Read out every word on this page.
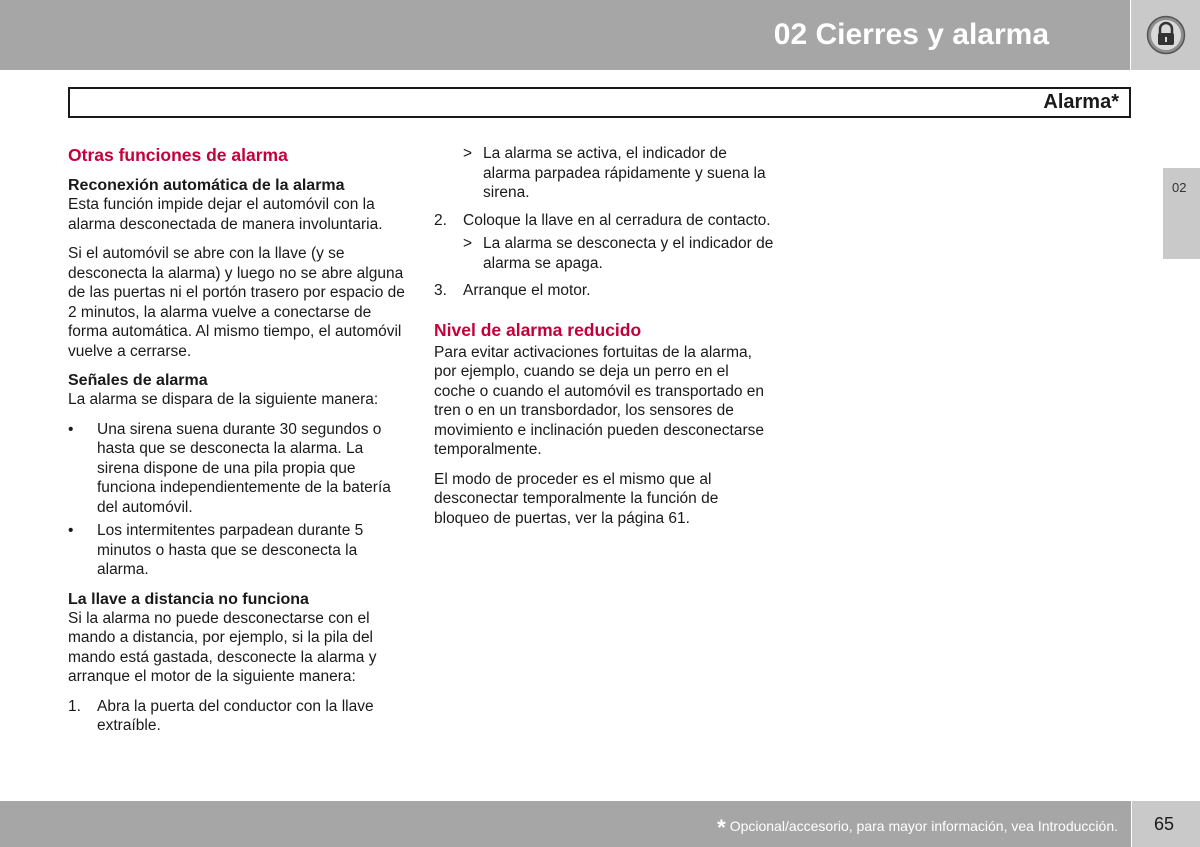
02 Cierres y alarma
Alarma*
02
Otras funciones de alarma
Reconexión automática de la alarma

Esta función impide dejar el automóvil con la alarma desconectada de manera involuntaria.

Si el automóvil se abre con la llave (y se desconecta la alarma) y luego no se abre alguna de las puertas ni el portón trasero por espacio de 2 minutos, la alarma vuelve a conectarse de forma automática. Al mismo tiempo, el automóvil vuelve a cerrarse.

Señales de alarma

La alarma se dispara de la siguiente manera:

• Una sirena suena durante 30 segundos o hasta que se desconecta la alarma. La sirena dispone de una pila propia que funciona independientemente de la batería del automóvil.
• Los intermitentes parpadean durante 5 minutos o hasta que se desconecta la alarma.
La llave a distancia no funciona

Si la alarma no puede desconectarse con el mando a distancia, por ejemplo, si la pila del mando está gastada, desconecte la alarma y arranque el motor de la siguiente manera:

1. Abra la puerta del conductor con la llave extraíble.
> La alarma se activa, el indicador de alarma parpadea rápidamente y suena la sirena.
2. Coloque la llave en al cerradura de contacto.
> La alarma se desconecta y el indicador de alarma se apaga.
3. Arranque el motor.
Nivel de alarma reducido

Para evitar activaciones fortuitas de la alarma, por ejemplo, cuando se deja un perro en el coche o cuando el automóvil es transportado en tren o en un transbordador, los sensores de movimiento e inclinación pueden desconectarse temporalmente.

El modo de proceder es el mismo que al desconectar temporalmente la función de bloqueo de puertas, ver la página 61.

* Opcional/accesorio, para mayor información, vea Introducción. 65
